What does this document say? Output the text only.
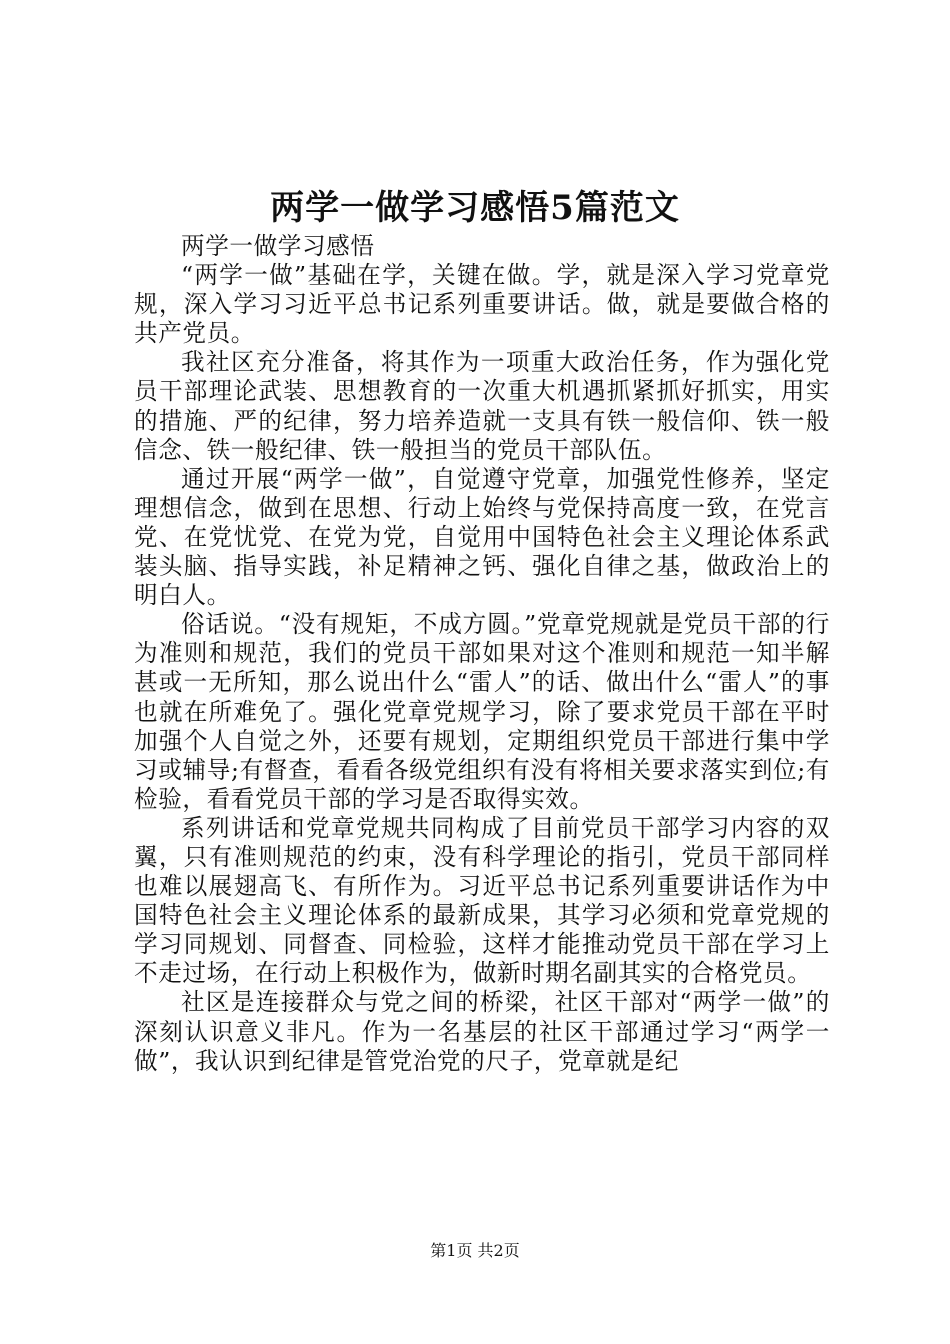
两学一做学习感悟5篇范文

两学一做学习感悟

“两学一做”基础在学，关键在做。学，就是深入学习党章党规，深入学习习近平总书记系列重要讲话。做，就是要做合格的共产党员。

我社区充分准备，将其作为一项重大政治任务，作为强化党员干部理论武装、思想教育的一次重大机遇抓紧抓好抓实，用实的措施、严的纪律，努力培养造就一支具有铁一般信仰、铁一般信念、铁一般纪律、铁一般担当的党员干部队伍。

通过开展“两学一做”，自觉遵守党章，加强党性修养，坚定理想信念，做到在思想、行动上始终与党保持高度一致，在党言党、在党忧党、在党为党，自觉用中国特色社会主义理论体系武装头脑、指导实践，补足精神之钙、强化自律之基，做政治上的明白人。

俗话说。“没有规矩，不成方圆。”党章党规就是党员干部的行为准则和规范，我们的党员干部如果对这个准则和规范一知半解甚或一无所知，那么说出什么“雷人”的话、做出什么“雷人”的事也就在所难免了。强化党章党规学习，除了要求党员干部在平时加强个人自觉之外，还要有规划，定期组织党员干部进行集中学习或辅导;有督查，看看各级党组织有没有将相关要求落实到位;有检验，看看党员干部的学习是否取得实效。

系列讲话和党章党规共同构成了目前党员干部学习内容的双翼，只有准则规范的约束，没有科学理论的指引，党员干部同样也难以展翅高飞、有所作为。习近平总书记系列重要讲话作为中国特色社会主义理论体系的最新成果，其学习必须和党章党规的学习同规划、同督查、同检验，这样才能推动党员干部在学习上不走过场，在行动上积极作为，做新时期名副其实的合格党员。

社区是连接群众与党之间的桥梁，社区干部对“两学一做”的深刻认识意义非凡。作为一名基层的社区干部通过学习“两学一做”，我认识到纪律是管党治党的尺子，党章就是纪

第1页 共2页
